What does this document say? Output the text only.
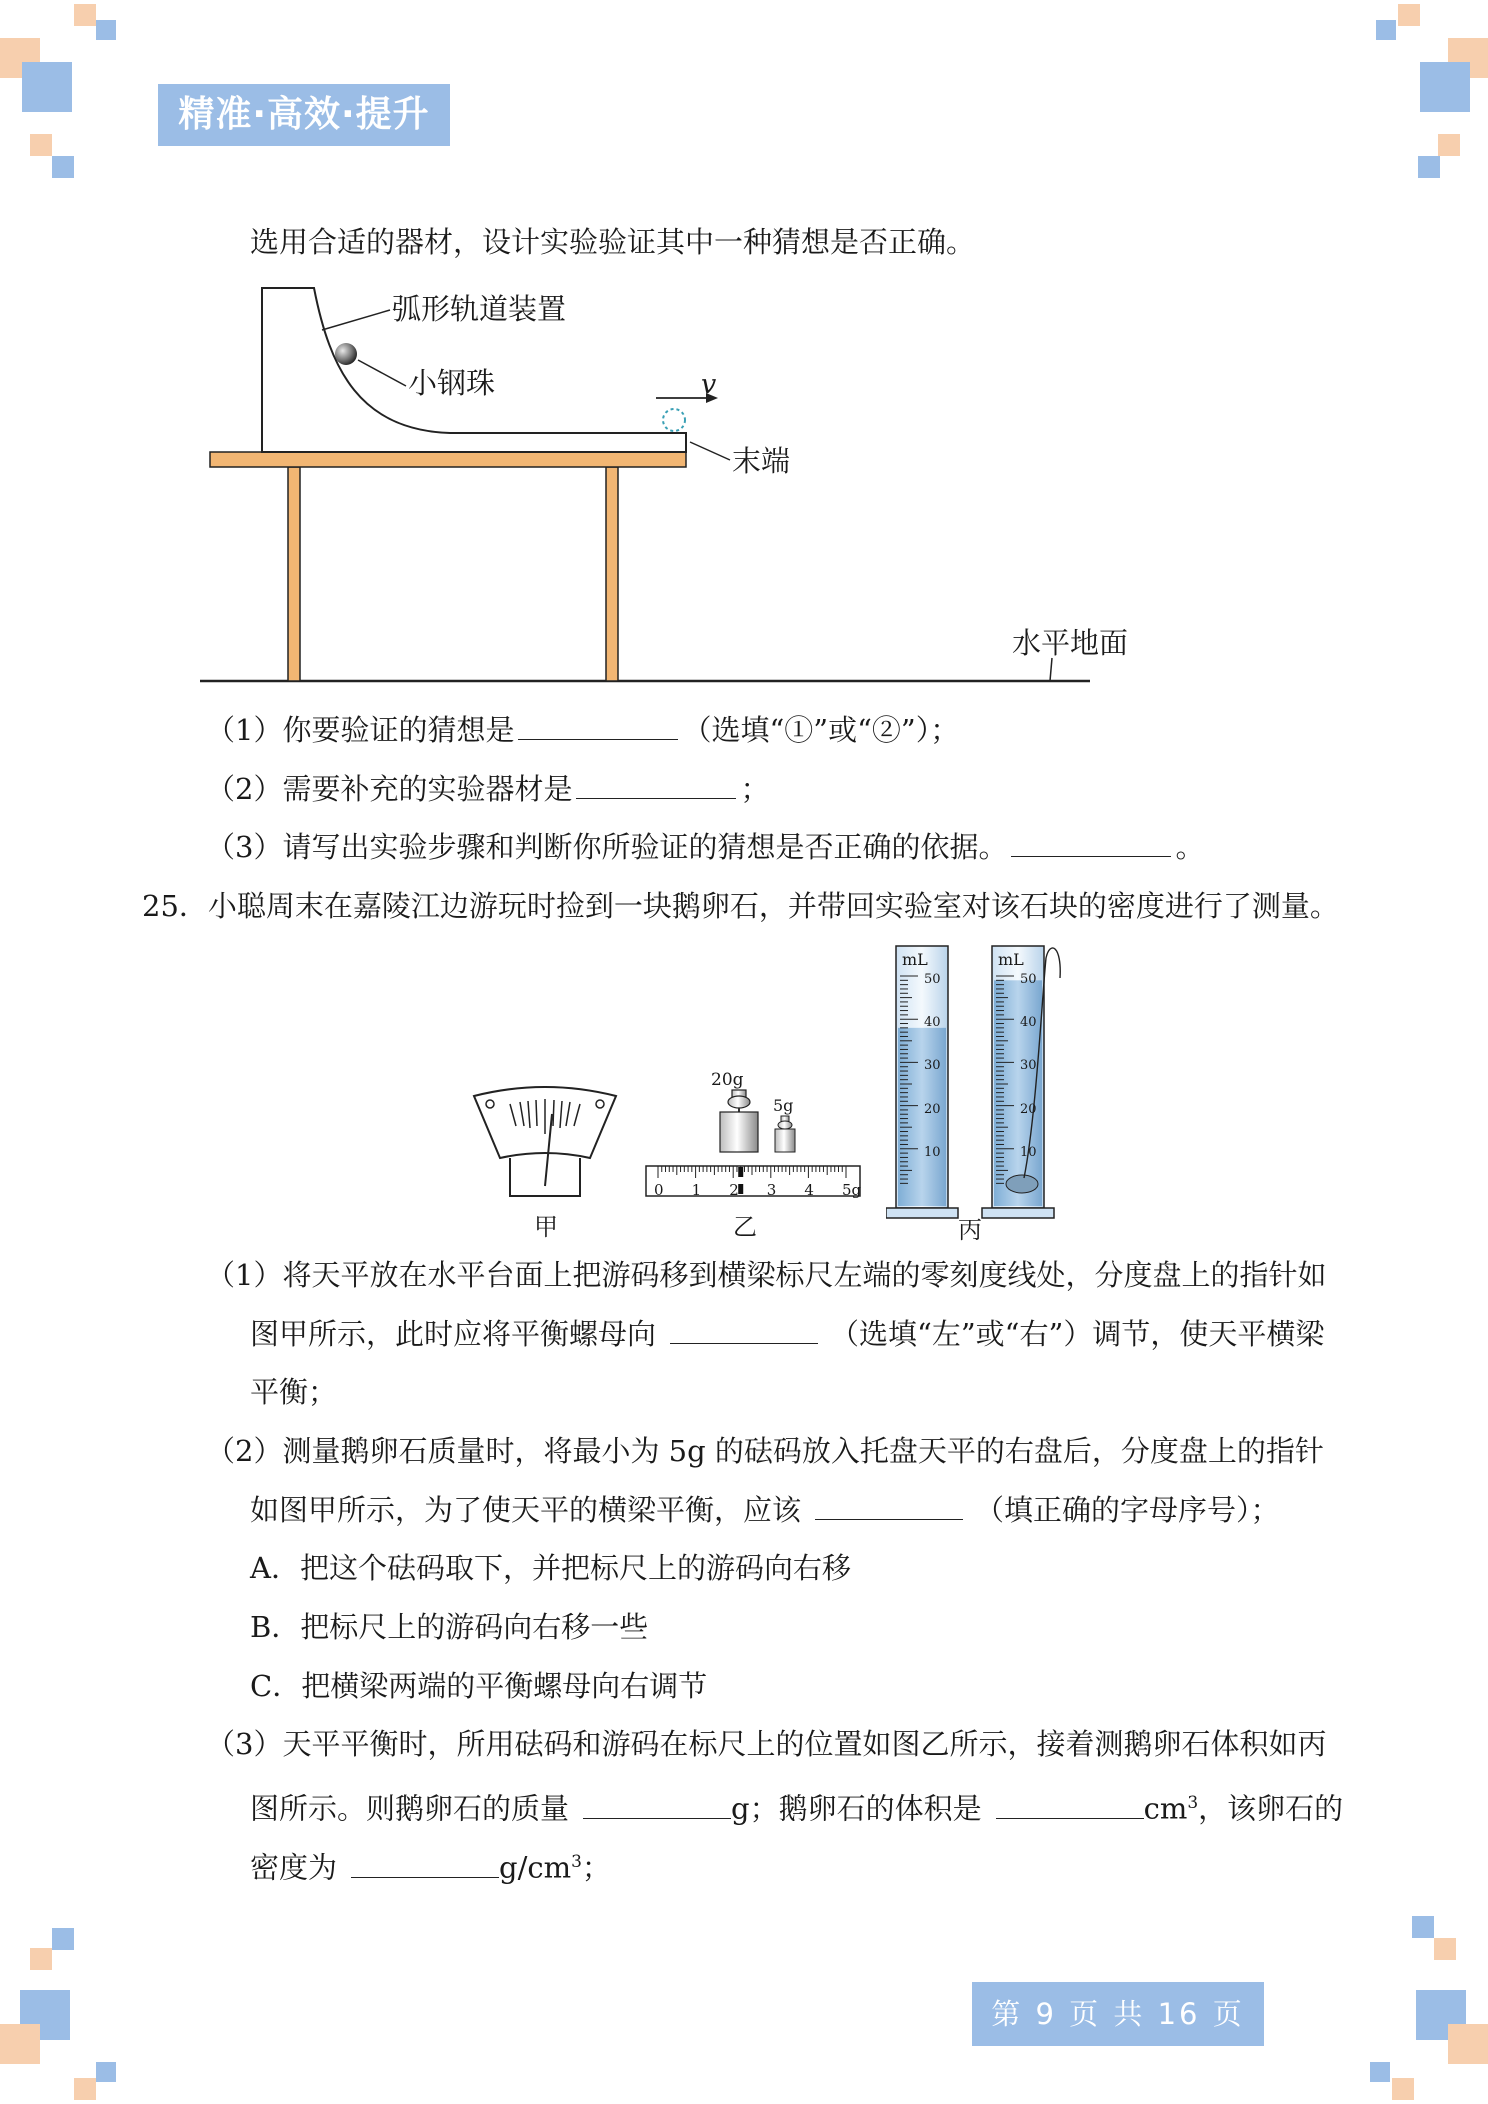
精准·高效·提升
选用合适的器材，设计实验验证其中一种猜想是否正确。
弧形轨道装置
小钢珠
末端
水平地面
v
（1）你要验证的猜想是	（选填“①”或“②”）；
（2）需要补充的实验器材是	；
（3）请写出实验步骤和判断你所验证的猜想是否正确的依据。	。
25．小聪周末在嘉陵江边游玩时捡到一块鹅卵石，并带回实验室对该石块的密度进行了测量。
甲
20g
5g
0 1 2 3 4 5g
乙
mL
50
40
30
20
10
mL
50
40
30
20
10
丙
（1）将天平放在水平台面上把游码移到横梁标尺左端的零刻度线处，分度盘上的指针如
图甲所示，此时应将平衡螺母向	（选填“左”或“右”）调节，使天平横梁
平衡；
（2）测量鹅卵石质量时，将最小为 5g 的砝码放入托盘天平的右盘后，分度盘上的指针
如图甲所示，为了使天平的横梁平衡，应该	（填正确的字母序号）；
A．把这个砝码取下，并把标尺上的游码向右移
B．把标尺上的游码向右移一些
C．把横梁两端的平衡螺母向右调节
（3）天平平衡时，所用砝码和游码在标尺上的位置如图乙所示，接着测鹅卵石体积如丙
图所示。则鹅卵石的质量	g；鹅卵石的体积是	$cm^3$，该卵石的
密度为	$g/cm^3$；
第 9 页 共 16 页
